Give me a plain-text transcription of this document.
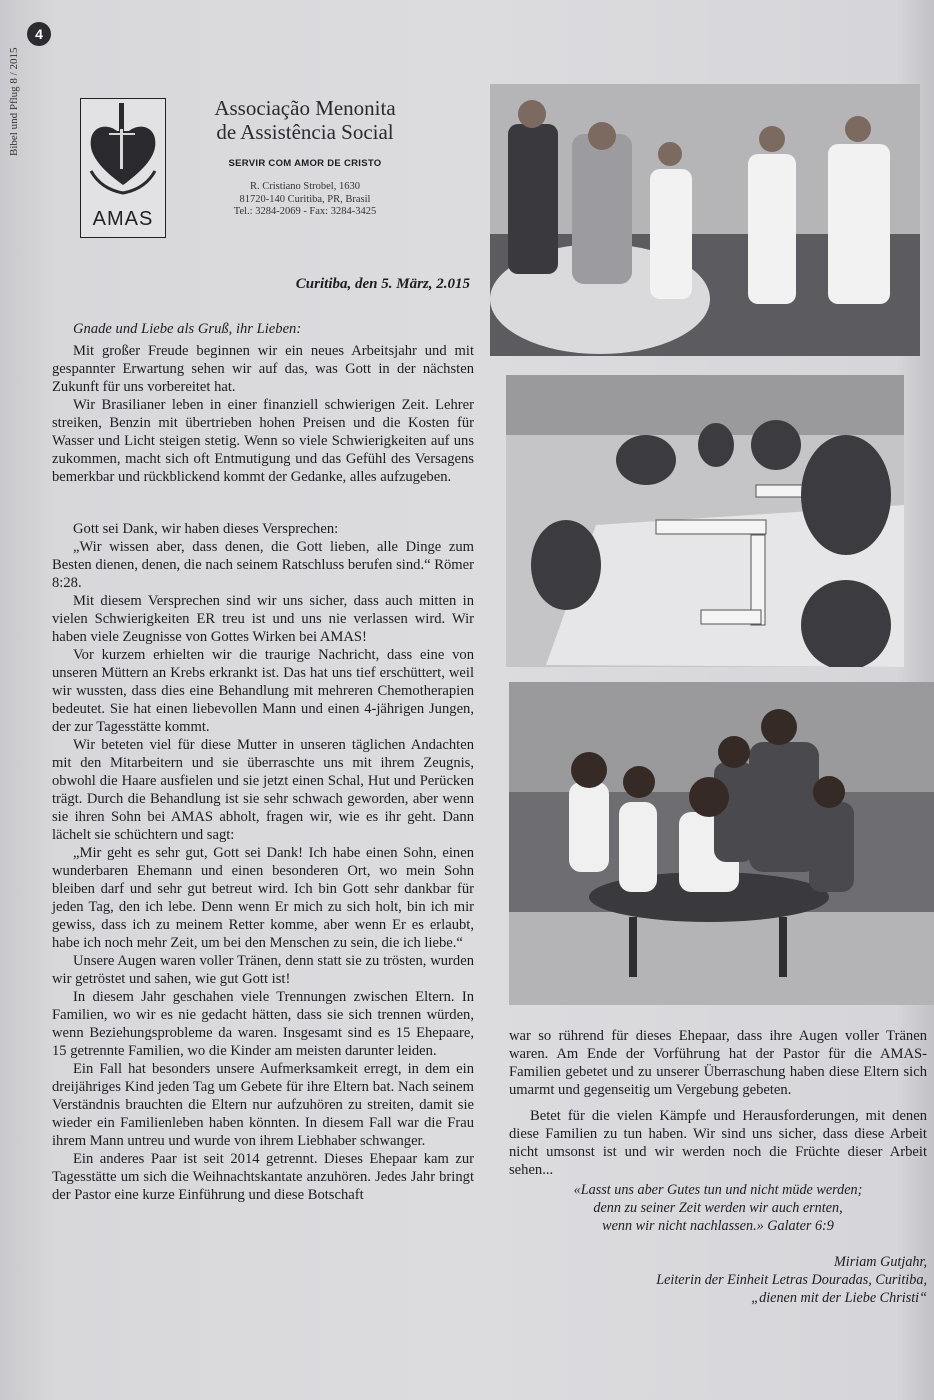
4
Bibel und Pflug 8 / 2015
AMAS
Associação Menonita
de Assistência Social
SERVIR COM AMOR DE CRISTO
R. Cristiano Strobel, 1630
81720-140 Curitiba, PR, Brasil
Tel.: 3284-2069 - Fax: 3284-3425
Curitiba, den 5. März, 2.015

Gnade und Liebe als Gruß, ihr Lieben:

Mit großer Freude beginnen wir ein neues Arbeitsjahr und mit gespannter Erwartung sehen wir auf das, was Gott in der nächsten Zukunft für uns vorbereitet hat.

Wir Brasilianer leben in einer finanziell schwierigen Zeit. Lehrer streiken, Benzin mit übertrieben hohen Preisen und die Kosten für Wasser und Licht steigen stetig. Wenn so viele Schwierigkeiten auf uns zukommen, macht sich oft Entmutigung und das Gefühl des Versagens bemerkbar und rückblickend kommt der Gedanke, alles aufzugeben.

Gott sei Dank, wir haben dieses Versprechen:

„Wir wissen aber, dass denen, die Gott lieben, alle Dinge zum Besten dienen, denen, die nach seinem Ratschluss berufen sind.“ Römer 8:28.

Mit diesem Versprechen sind wir uns sicher, dass auch mitten in vielen Schwierigkeiten ER treu ist und uns nie verlassen wird. Wir haben viele Zeugnisse von Gottes Wirken bei AMAS!

Vor kurzem erhielten wir die traurige Nachricht, dass eine von unseren Müttern an Krebs erkrankt ist. Das hat uns tief erschüttert, weil wir wussten, dass dies eine Behandlung mit mehreren Chemotherapien bedeutet. Sie hat einen liebevollen Mann und einen 4-jährigen Jungen, der zur Tagesstätte kommt.

Wir beteten viel für diese Mutter in unseren täglichen Andachten mit den Mitarbeitern und sie überraschte uns mit ihrem Zeugnis, obwohl die Haare ausfielen und sie jetzt einen Schal, Hut und Perücken trägt. Durch die Behandlung ist sie sehr schwach geworden, aber wenn sie ihren Sohn bei AMAS abholt, fragen wir, wie es ihr geht. Dann lächelt sie schüchtern und sagt:

„Mir geht es sehr gut, Gott sei Dank! Ich habe einen Sohn, einen wunderbaren Ehemann und einen besonderen Ort, wo mein Sohn bleiben darf und sehr gut betreut wird. Ich bin Gott sehr dankbar für jeden Tag, den ich lebe. Denn wenn Er mich zu sich holt, bin ich mir gewiss, dass ich zu meinem Retter komme, aber wenn Er es erlaubt, habe ich noch mehr Zeit, um bei den Menschen zu sein, die ich liebe.“

Unsere Augen waren voller Tränen, denn statt sie zu trösten, wurden wir getröstet und sahen, wie gut Gott ist!

In diesem Jahr geschahen viele Trennungen zwischen Eltern. In Familien, wo wir es nie gedacht hätten, dass sie sich trennen würden, wenn Beziehungsprobleme da waren. Insgesamt sind es 15 Ehepaare, 15 getrennte Familien, wo die Kinder am meisten darunter leiden.

Ein Fall hat besonders unsere Aufmerksamkeit erregt, in dem ein dreijähriges Kind jeden Tag um Gebete für ihre Eltern bat. Nach seinem Verständnis brauchten die Eltern nur aufzuhören zu streiten, damit sie wieder ein Familienleben haben könnten. In diesem Fall war die Frau ihrem Mann untreu und wurde von ihrem Liebhaber schwanger.

Ein anderes Paar ist seit 2014 getrennt. Dieses Ehepaar kam zur Tagesstätte um sich die Weihnachtskantate anzuhören. Jedes Jahr bringt der Pastor eine kurze Einführung und diese Botschaft

war so rührend für dieses Ehepaar, dass ihre Augen voller Tränen waren. Am Ende der Vorführung hat der Pastor für die AMAS-Familien gebetet und zu unserer Überraschung haben diese Eltern sich umarmt und gegenseitig um Vergebung gebeten.

Betet für die vielen Kämpfe und Herausforderungen, mit denen diese Familien zu tun haben. Wir sind uns sicher, dass diese Arbeit nicht umsonst ist und wir werden noch die Früchte dieser Arbeit sehen...

«Lasst uns aber Gutes tun und nicht müde werden;
denn zu seiner Zeit werden wir auch ernten,
wenn wir nicht nachlassen.» Galater 6:9
Miriam Gutjahr,
Leiterin der Einheit Letras Douradas, Curitiba,
„dienen mit der Liebe Christi“
